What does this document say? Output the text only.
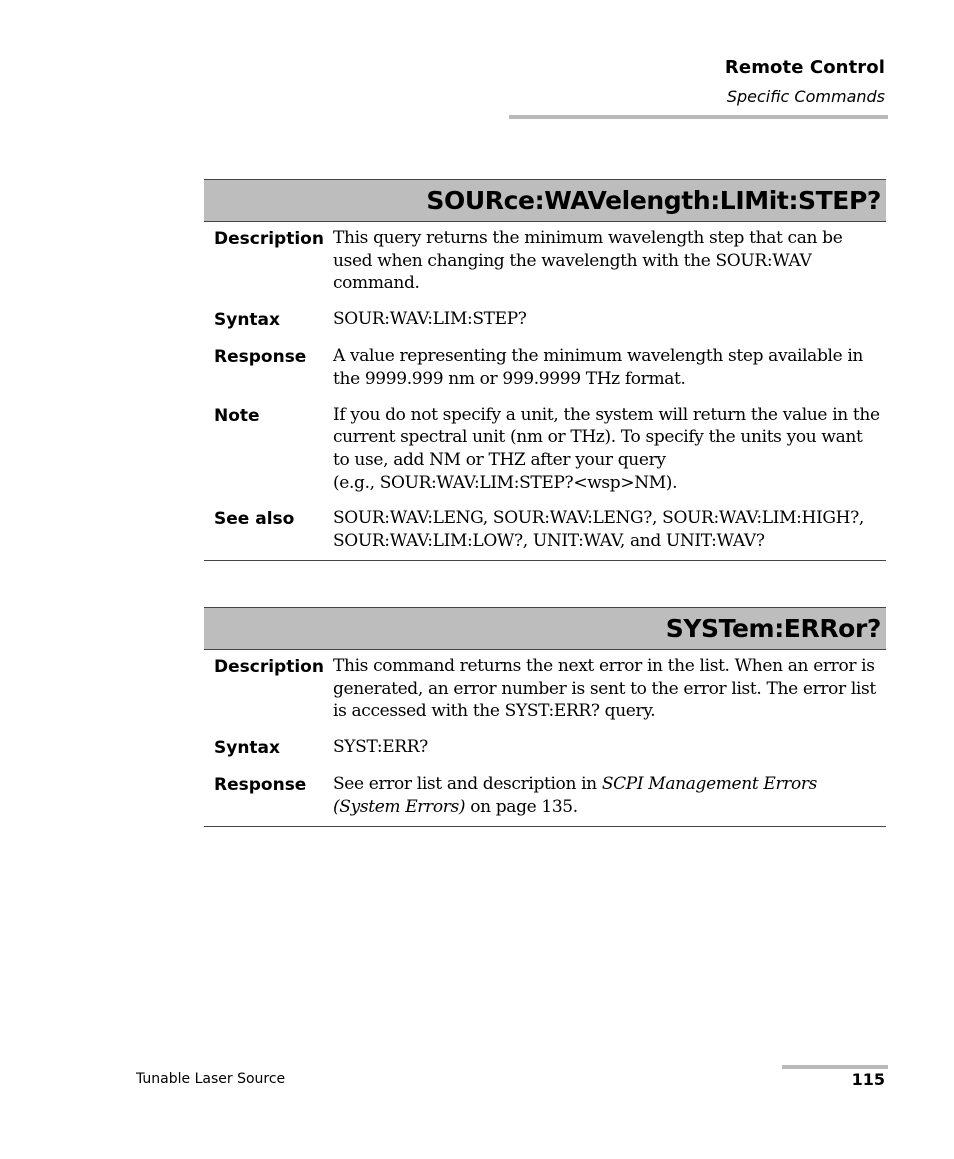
Remote Control
Specific Commands
SOURce:WAVelength:LIMit:STEP?
Description This query returns the minimum wavelength step that can be used when changing the wavelength with the SOUR:WAV command.
Syntax	SOUR:WAV:LIM:STEP?
Response	A value representing the minimum wavelength step available in the 9999.999 nm or 999.9999 THz format.
Note	If you do not specify a unit, the system will return the value in the current spectral unit (nm or THz). To specify the units you want to use, add NM or THZ after your query

(e.g., SOUR:WAV:LIM:STEP?<wsp>NM).

See also	SOUR:WAV:LENG, SOUR:WAV:LENG?, SOUR:WAV:LIM:HIGH?, SOUR:WAV:LIM:LOW?, UNIT:WAV, and UNIT:WAV?
SYSTem:ERRor?
Description This command returns the next error in the list. When an error is generated, an error number is sent to the error list. The error list is accessed with the SYST:ERR? query.
Syntax	SYST:ERR?
Response	See error list and description in SCPI Management Errors (System Errors) on page 135.
Tunable Laser Source	115
